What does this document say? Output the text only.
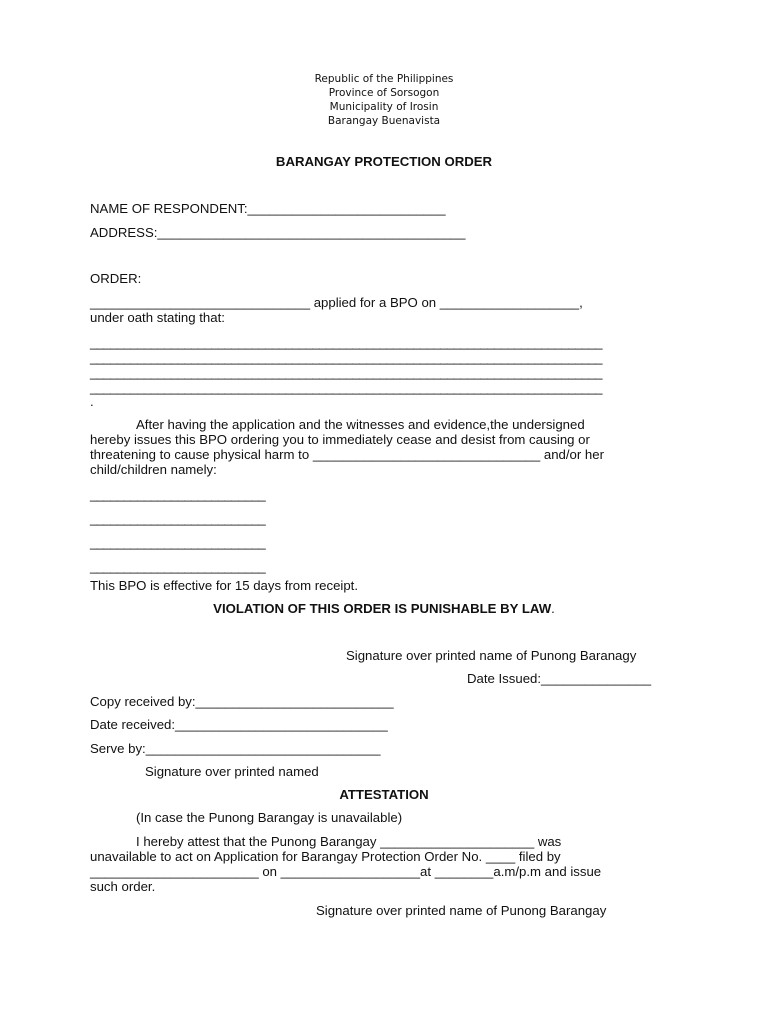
Republic of the Philippines
Province of Sorsogon
Municipality of Irosin
Barangay Buenavista
BARANGAY PROTECTION ORDER
NAME OF RESPONDENT:___________________________
ADDRESS:__________________________________________
ORDER:
______________________________ applied for a BPO on ___________________,
under oath stating that:
____________________________________________________________________________
____________________________________________________________________________
____________________________________________________________________________
____________________________________________________________________________
.
After having the application and the witnesses and evidence,the undersigned
hereby issues this BPO ordering you to immediately cease and desist from causing or
threatening to cause physical harm to _______________________________ and/or her
child/children namely:
__________________________
__________________________
__________________________
__________________________
This BPO is effective for 15 days from receipt.
VIOLATION OF THIS ORDER IS PUNISHABLE BY LAW.
Signature over printed name of Punong Baranagy
Date Issued:_______________
Copy received by:___________________________
Date received:_____________________________
Serve by:________________________________
Signature over printed named
ATTESTATION
(In case the Punong Barangay is unavailable)
I hereby attest that the Punong Barangay _____________________ was
unavailable to act on Application for Barangay Protection Order No. ____ filed by
_______________________ on ___________________at ________a.m/p.m and issue
such order.
Signature over printed name of Punong Barangay
